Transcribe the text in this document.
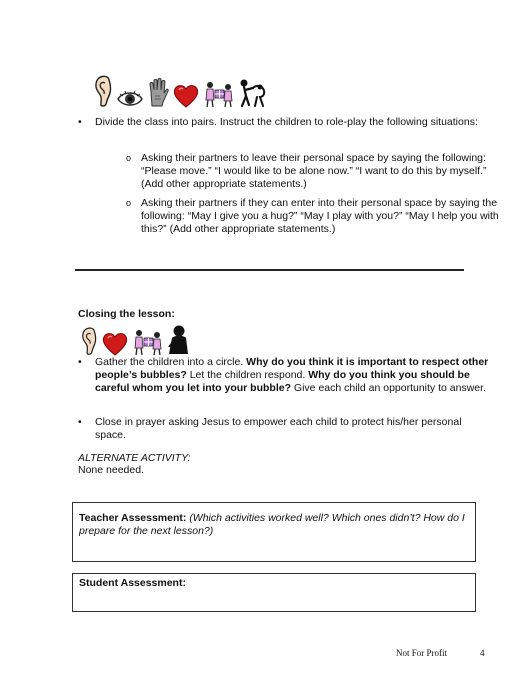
• Divide the class into pairs. Instruct the children to role-play the following situations:
o Asking their partners to leave their personal space by saying the following: “Please move.” “I would like to be alone now.” “I want to do this by myself.” (Add other appropriate statements.)
o Asking their partners if they can enter into their personal space by saying the following: “May I give you a hug?” “May I play with you?” “May I help you with this?” (Add other appropriate statements.)
Closing the lesson:
• Gather the children into a circle. Why do you think it is important to respect other people’s bubbles? Let the children respond. Why do you think you should be careful whom you let into your bubble? Give each child an opportunity to answer.
• Close in prayer asking Jesus to empower each child to protect his/her personal space.
ALTERNATE ACTIVITY:
None needed.
Teacher Assessment: (Which activities worked well? Which ones didn’t? How do I prepare for the next lesson?)
Student Assessment:
Not For Profit	4
